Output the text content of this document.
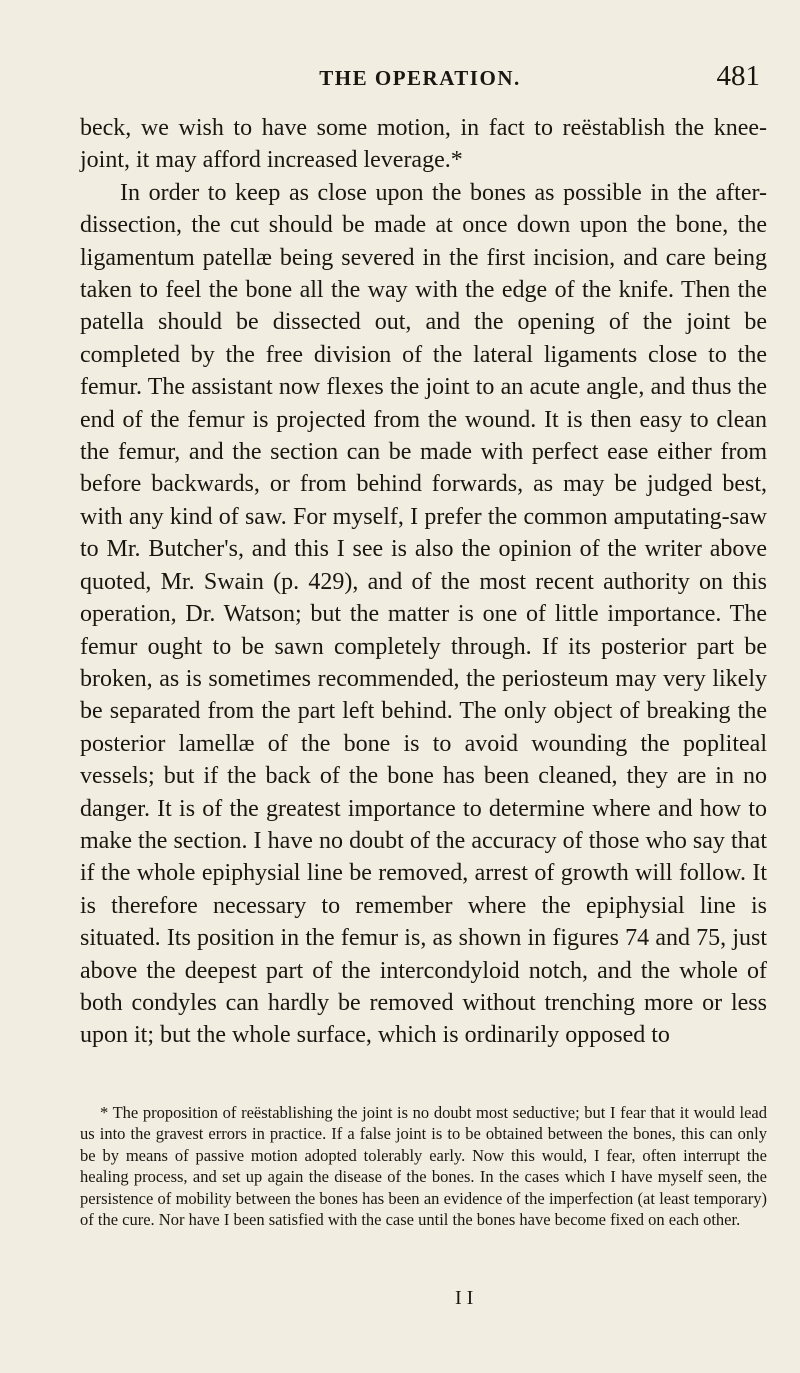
THE OPERATION.	481

beck, we wish to have some motion, in fact to reëstablish the knee-joint, it may afford increased leverage.*

In order to keep as close upon the bones as possible in the after-dissection, the cut should be made at once down upon the bone, the ligamentum patellæ being severed in the first incision, and care being taken to feel the bone all the way with the edge of the knife. Then the patella should be dissected out, and the opening of the joint be completed by the free division of the lateral ligaments close to the femur. The assistant now flexes the joint to an acute angle, and thus the end of the femur is projected from the wound. It is then easy to clean the femur, and the section can be made with perfect ease either from before backwards, or from behind forwards, as may be judged best, with any kind of saw. For myself, I prefer the common amputating-saw to Mr. Butcher's, and this I see is also the opinion of the writer above quoted, Mr. Swain (p. 429), and of the most recent authority on this operation, Dr. Watson; but the matter is one of little importance. The femur ought to be sawn completely through. If its posterior part be broken, as is sometimes recommended, the periosteum may very likely be separated from the part left behind. The only object of breaking the posterior lamellæ of the bone is to avoid wounding the popliteal vessels; but if the back of the bone has been cleaned, they are in no danger. It is of the greatest importance to determine where and how to make the section. I have no doubt of the accuracy of those who say that if the whole epiphysial line be removed, arrest of growth will follow. It is therefore necessary to remember where the epiphysial line is situated. Its position in the femur is, as shown in figures 74 and 75, just above the deepest part of the intercondyloid notch, and the whole of both condyles can hardly be removed without trenching more or less upon it; but the whole surface, which is ordinarily opposed to

* The proposition of reëstablishing the joint is no doubt most seductive; but I fear that it would lead us into the gravest errors in practice. If a false joint is to be obtained between the bones, this can only be by means of passive motion adopted tolerably early. Now this would, I fear, often interrupt the healing process, and set up again the disease of the bones. In the cases which I have myself seen, the persistence of mobility between the bones has been an evidence of the imperfection (at least temporary) of the cure. Nor have I been satisfied with the case until the bones have become fixed on each other.

I I
